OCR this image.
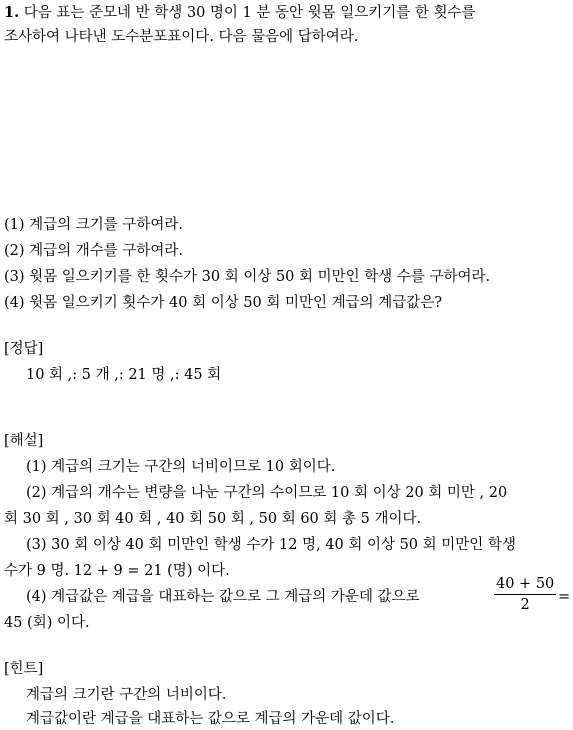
1. 다음 표는 준모네 반 학생 30 명이 1 분 동안 윗몸 일으키기를 한 횟수를
조사하여 나타낸 도수분포표이다. 다음 물음에 답하여라.
(1) 계급의 크기를 구하여라.
(2) 계급의 개수를 구하여라.
(3) 윗몸 일으키기를 한 횟수가 30 회 이상 50 회 미만인 학생 수를 구하여라.
(4) 윗몸 일으키기 횟수가 40 회 이상 50 회 미만인 계급의 계급값은?
[정답]
10 회 ,: 5 개 ,: 21 명 ,: 45 회
[해설]
(1) 계급의 크기는 구간의 너비이므로 10 회이다.
(2) 계급의 개수는 변량을 나눈 구간의 수이므로 10 회 이상 20 회 미만 , 20
회 30 회 , 30 회 40 회 , 40 회 50 회 , 50 회 60 회 총 5 개이다.
(3) 30 회 이상 40 회 미만인 학생 수가 12 명, 40 회 이상 50 회 미만인 학생
수가 9 명. 12 + 9 = 21 (명) 이다.
(4) 계급값은 계급을 대표하는 값으로 그 계급의 가운데 값으로	$\frac{40 + 50}{2}$ =
45 (회) 이다.
[힌트]
계급의 크기란 구간의 너비이다.
계급값이란 계급을 대표하는 값으로 계급의 가운데 값이다.
